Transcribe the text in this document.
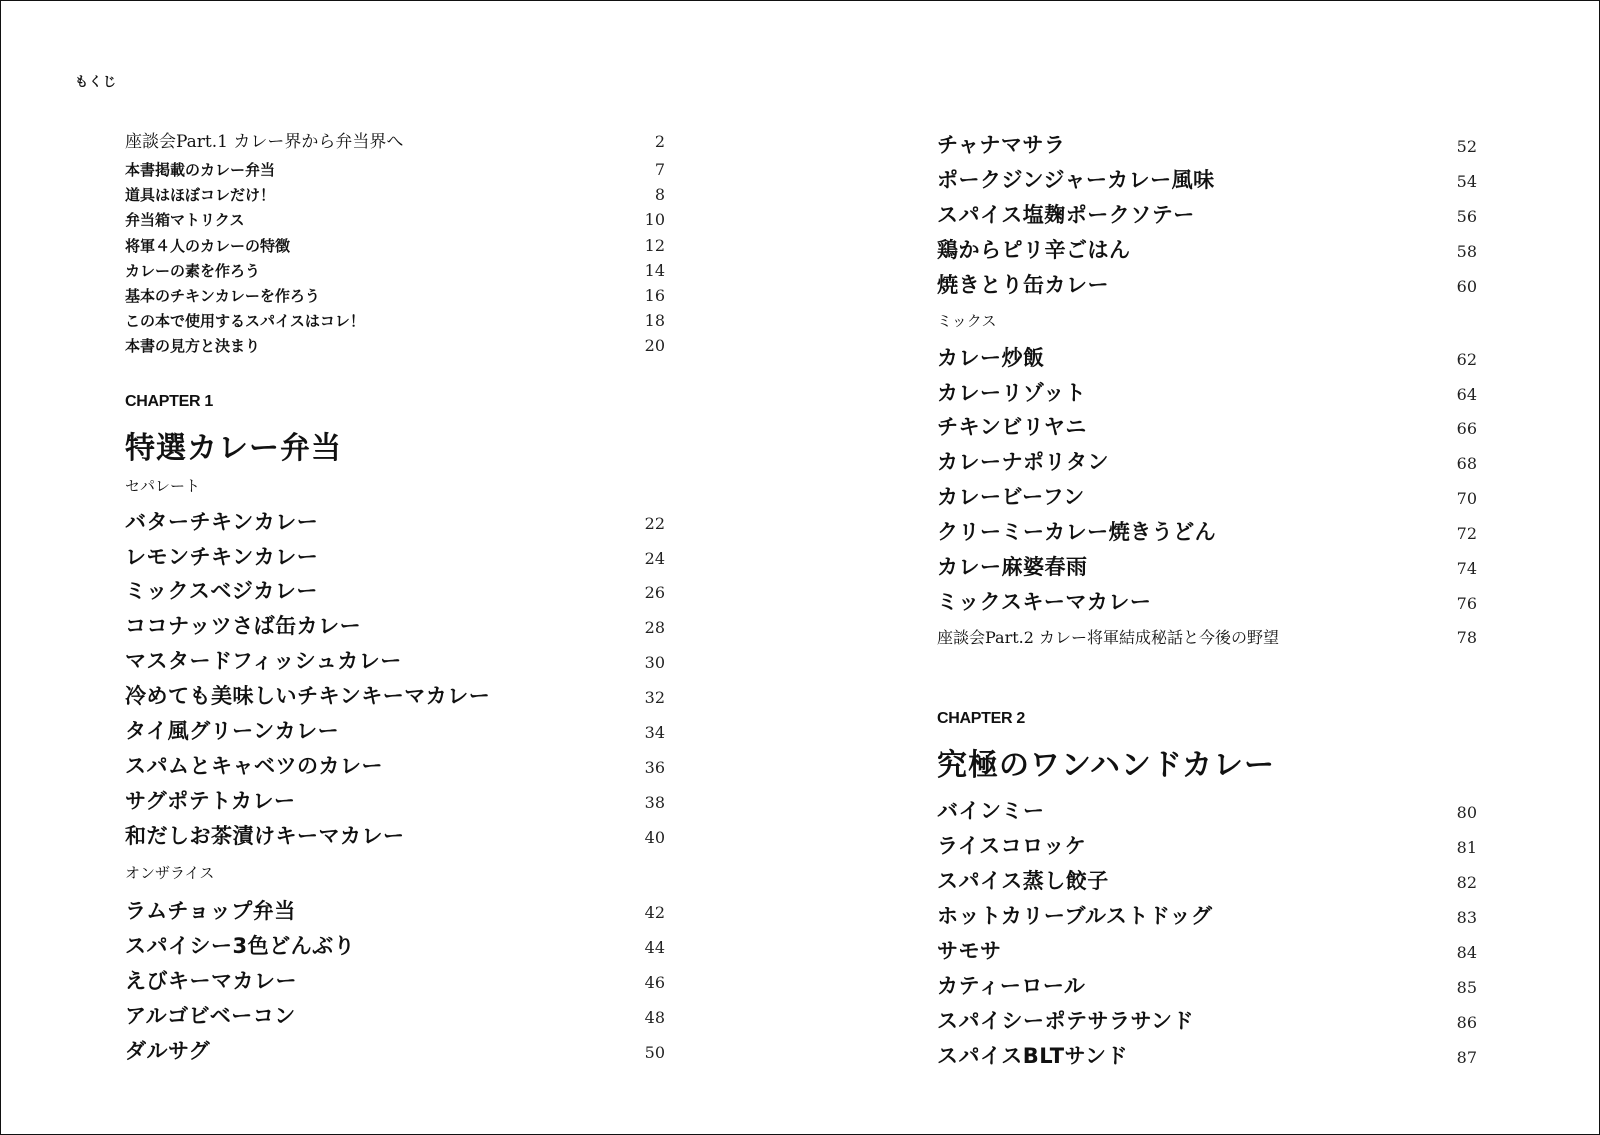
もくじ
座談会Part.1 カレー界から弁当界へ	2
本書掲載のカレー弁当	7
道具はほぼコレだけ！	8
弁当箱マトリクス	10
将軍４人のカレーの特徴	12
カレーの素を作ろう	14
基本のチキンカレーを作ろう	16
この本で使用するスパイスはコレ！	18
本書の見方と決まり	20
CHAPTER 1
特選カレー弁当
セパレート
バターチキンカレー	22
レモンチキンカレー	24
ミックスベジカレー	26
ココナッツさば缶カレー	28
マスタードフィッシュカレー	30
冷めても美味しいチキンキーマカレー	32
タイ風グリーンカレー	34
スパムとキャベツのカレー	36
サグポテトカレー	38
和だしお茶漬けキーマカレー	40
オンザライス
ラムチョップ弁当	42
スパイシー3色どんぶり	44
えびキーマカレー	46
アルゴビベーコン	48
ダルサグ	50
チャナマサラ	52
ポークジンジャーカレー風味	54
スパイス塩麹ポークソテー	56
鶏からピリ辛ごはん	58
焼きとり缶カレー	60
ミックス
カレー炒飯	62
カレーリゾット	64
チキンビリヤニ	66
カレーナポリタン	68
カレービーフン	70
クリーミーカレー焼きうどん	72
カレー麻婆春雨	74
ミックスキーマカレー	76
座談会Part.2 カレー将軍結成秘話と今後の野望	78
CHAPTER 2
究極のワンハンドカレー
バインミー	80
ライスコロッケ	81
スパイス蒸し餃子	82
ホットカリーブルストドッグ	83
サモサ	84
カティーロール	85
スパイシーポテサラサンド	86
スパイスBLTサンド	87
